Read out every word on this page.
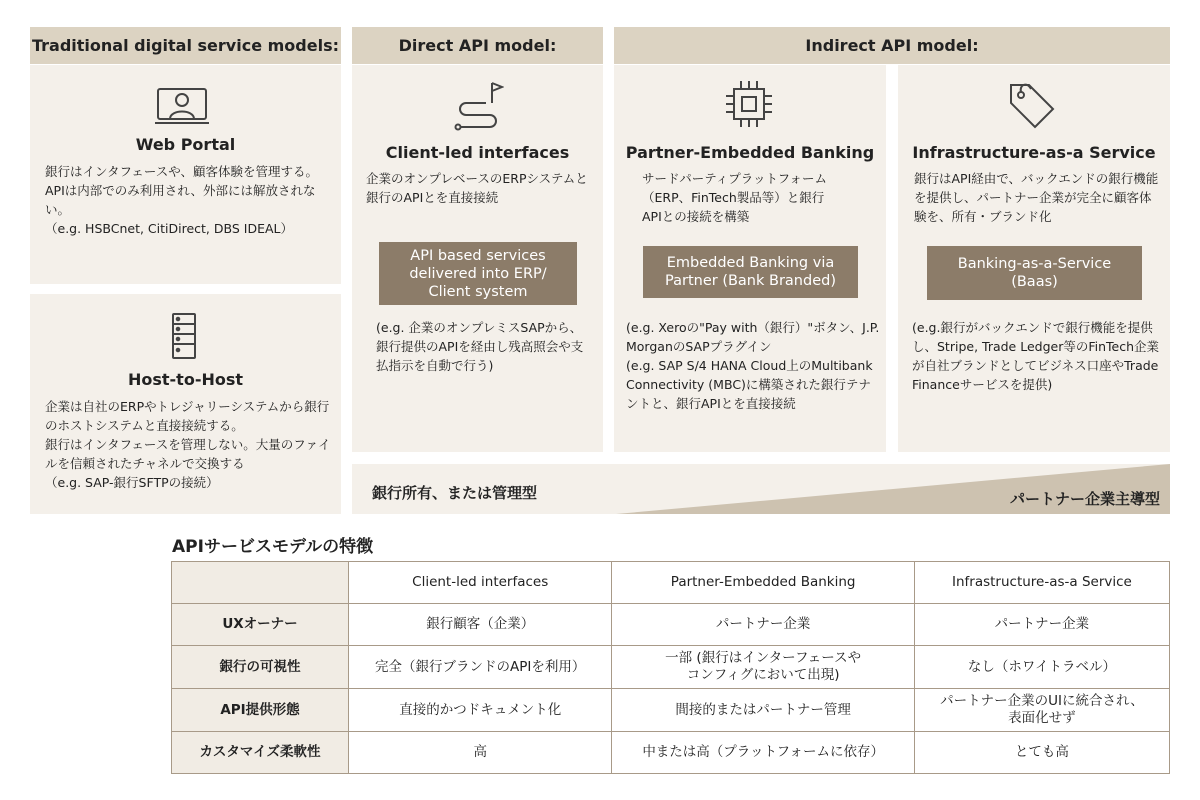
Traditional digital service models:	Direct API model:	Indirect API model:
Web Portal
銀行はインタフェースや、顧客体験を管理する。APIは内部でのみ利用され、外部には解放されない。
（e.g. HSBCnet, CitiDirect, DBS IDEAL）
Host-to-Host
企業は自社のERPやトレジャリーシステムから銀行のホストシステムと直接接続する。
銀行はインタフェースを管理しない。大量のファイルを信頼されたチャネルで交換する
（e.g. SAP-銀行SFTPの接続）
Client-led interfaces
企業のオンプレベースのERPシステムと銀行のAPIとを直接接続
API based services
delivered into ERP/
Client system
(e.g. 企業のオンプレミスSAPから、銀行提供のAPIを経由し残高照会や支払指示を自動で行う)
Partner-Embedded Banking
サードパーティプラットフォーム
（ERP、FinTech製品等）と銀行
APIとの接続を構築
Embedded Banking via
Partner (Bank Branded)
(e.g. Xeroの"Pay with（銀行）"ボタン、J.P. MorganのSAPプラグイン
(e.g. SAP S/4 HANA Cloud上のMultibank Connectivity (MBC)に構築された銀行テナントと、銀行APIとを直接接続
Infrastructure-as-a Service
銀行はAPI経由で、バックエンドの銀行機能を提供し、パートナー企業が完全に顧客体験を、所有・ブランド化
Banking-as-a-Service
(Baas)
(e.g.銀行がバックエンドで銀行機能を提供し、Stripe, Trade Ledger等のFinTech企業が自社ブランドとしてビジネス口座やTrade Financeサービスを提供)
銀行所有、または管理型	パートナー企業主導型
APIサービスモデルの特徴
	Client-led interfaces	Partner-Embedded Banking	Infrastructure-as-a Service
UXオーナー	銀行顧客（企業）	パートナー企業	パートナー企業
銀行の可視性	完全（銀行ブランドのAPIを利用）	一部 (銀行はインターフェースや
コンフィグにおいて出現)	なし（ホワイトラベル）
API提供形態	直接的かつドキュメント化	間接的またはパートナー管理	パートナー企業のUIに統合され、
表面化せず
カスタマイズ柔軟性	高	中または高（プラットフォームに依存）	とても高
